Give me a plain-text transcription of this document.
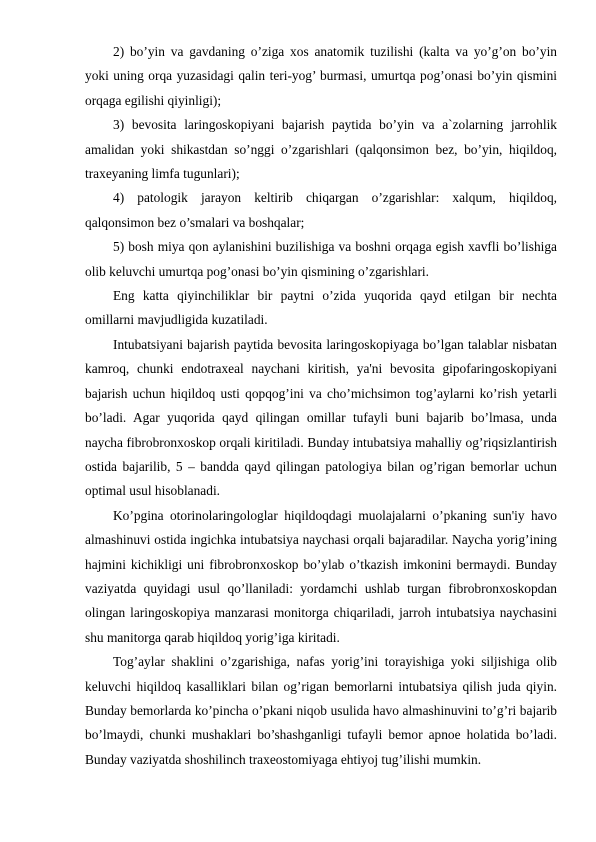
2) bo’yin va gavdaning o’ziga xos anatomik tuzilishi (kalta va yo’g’on bo’yin yoki uning orqa yuzasidagi qalin teri-yog’ burmasi, umurtqa pog’onasi bo’yin qismini orqaga egilishi qiyinligi);

3) bevosita laringoskopiyani bajarish paytida bo’yin va a`zolarning jarrohlik amalidan yoki shikastdan so’nggi o’zgarishlari (qalqonsimon bez, bo’yin, hiqildoq, traxeyaning limfa tugunlari);

4) patologik jarayon keltirib chiqargan o’zgarishlar: xalqum, hiqildoq, qalqonsimon bez o’smalari va boshqalar;

5) bosh miya qon aylanishini buzilishiga va boshni orqaga egish xavfli bo’lishiga olib keluvchi umurtqa pog’onasi bo’yin qismining o’zgarishlari.

Eng katta qiyinchiliklar bir paytni o’zida yuqorida qayd etilgan bir nechta omillarni mavjudligida kuzatiladi.

Intubatsiyani bajarish paytida bevosita laringoskopiyaga bo’lgan talablar nisbatan kamroq, chunki endotraxeal naychani kiritish, ya'ni bevosita gipofaringoskopiyani bajarish uchun hiqildoq usti qopqog’ini va cho’michsimon tog’aylarni ko’rish yetarli bo’ladi. Agar yuqorida qayd qilingan omillar tufayli buni bajarib bo’lmasa, unda naycha fibrobronxoskop orqali kiritiladi. Bunday intubatsiya mahalliy og’riqsizlantirish ostida bajarilib, 5 – bandda qayd qilingan patologiya bilan og’rigan bemorlar uchun optimal usul hisoblanadi.

Ko’pgina otorinolaringologlar hiqildoqdagi muolajalarni o’pkaning sun'iy havo almashinuvi ostida ingichka intubatsiya naychasi orqali bajaradilar. Naycha yorig’ining hajmini kichikligi uni fibrobronxoskop bo’ylab o’tkazish imkonini bermaydi. Bunday vaziyatda quyidagi usul qo’llaniladi: yordamchi ushlab turgan fibrobronxoskopdan olingan laringoskopiya manzarasi monitorga chiqariladi, jarroh intubatsiya naychasini shu manitorga qarab hiqildoq yorig’iga kiritadi.

Tog’aylar shaklini o’zgarishiga, nafas yorig’ini torayishiga yoki siljishiga olib keluvchi hiqildoq kasalliklari bilan og’rigan bemorlarni intubatsiya qilish juda qiyin. Bunday bemorlarda ko’pincha o’pkani niqob usulida havo almashinuvini to’g’ri bajarib bo’lmaydi, chunki mushaklari bo’shashganligi tufayli bemor apnoe holatida bo’ladi. Bunday vaziyatda shoshilinch traxeostomiyaga ehtiyoj tug’ilishi mumkin.
